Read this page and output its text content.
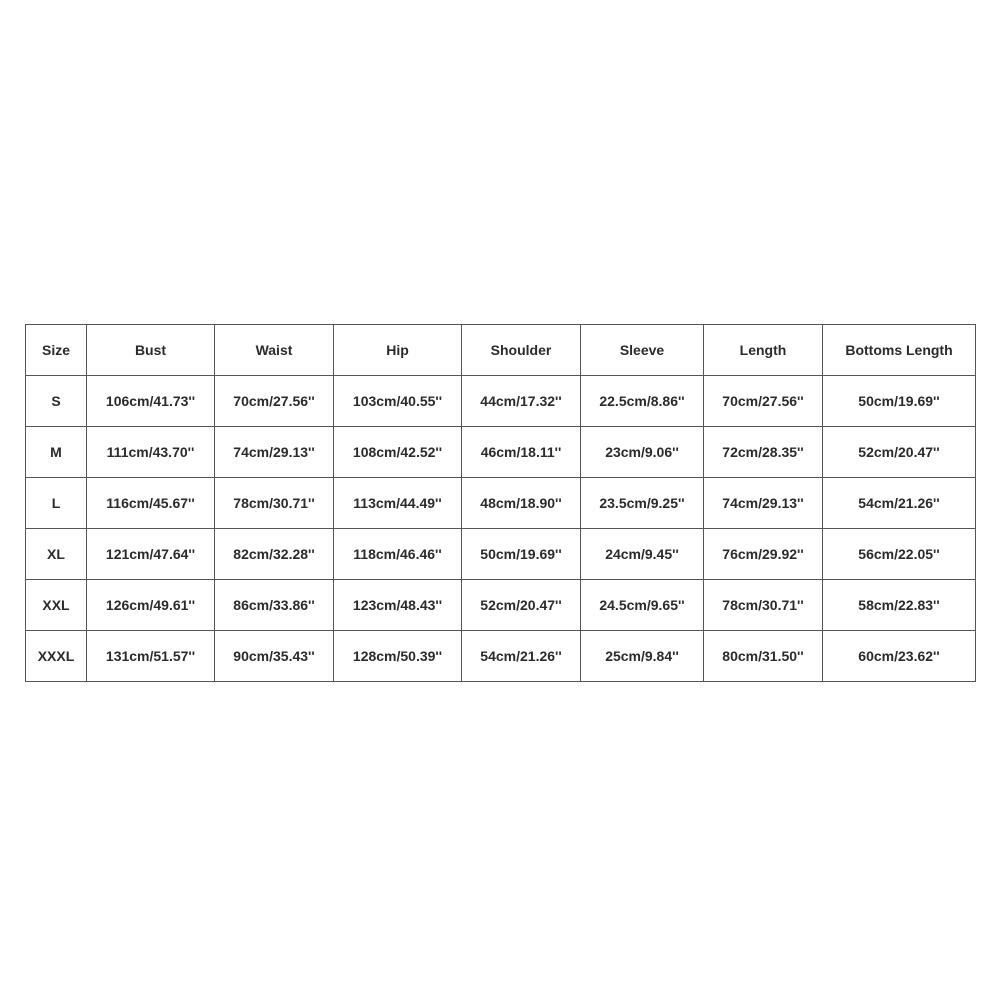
Size	Bust	Waist	Hip	Shoulder	Sleeve	Length	Bottoms Length
S	106cm/41.73''	70cm/27.56''	103cm/40.55''	44cm/17.32''	22.5cm/8.86''	70cm/27.56''	50cm/19.69''
M	111cm/43.70''	74cm/29.13''	108cm/42.52''	46cm/18.11''	23cm/9.06''	72cm/28.35''	52cm/20.47''
L	116cm/45.67''	78cm/30.71''	113cm/44.49''	48cm/18.90''	23.5cm/9.25''	74cm/29.13''	54cm/21.26''
XL	121cm/47.64''	82cm/32.28''	118cm/46.46''	50cm/19.69''	24cm/9.45''	76cm/29.92''	56cm/22.05''
XXL	126cm/49.61''	86cm/33.86''	123cm/48.43''	52cm/20.47''	24.5cm/9.65''	78cm/30.71''	58cm/22.83''
XXXL	131cm/51.57''	90cm/35.43''	128cm/50.39''	54cm/21.26''	25cm/9.84''	80cm/31.50''	60cm/23.62''
